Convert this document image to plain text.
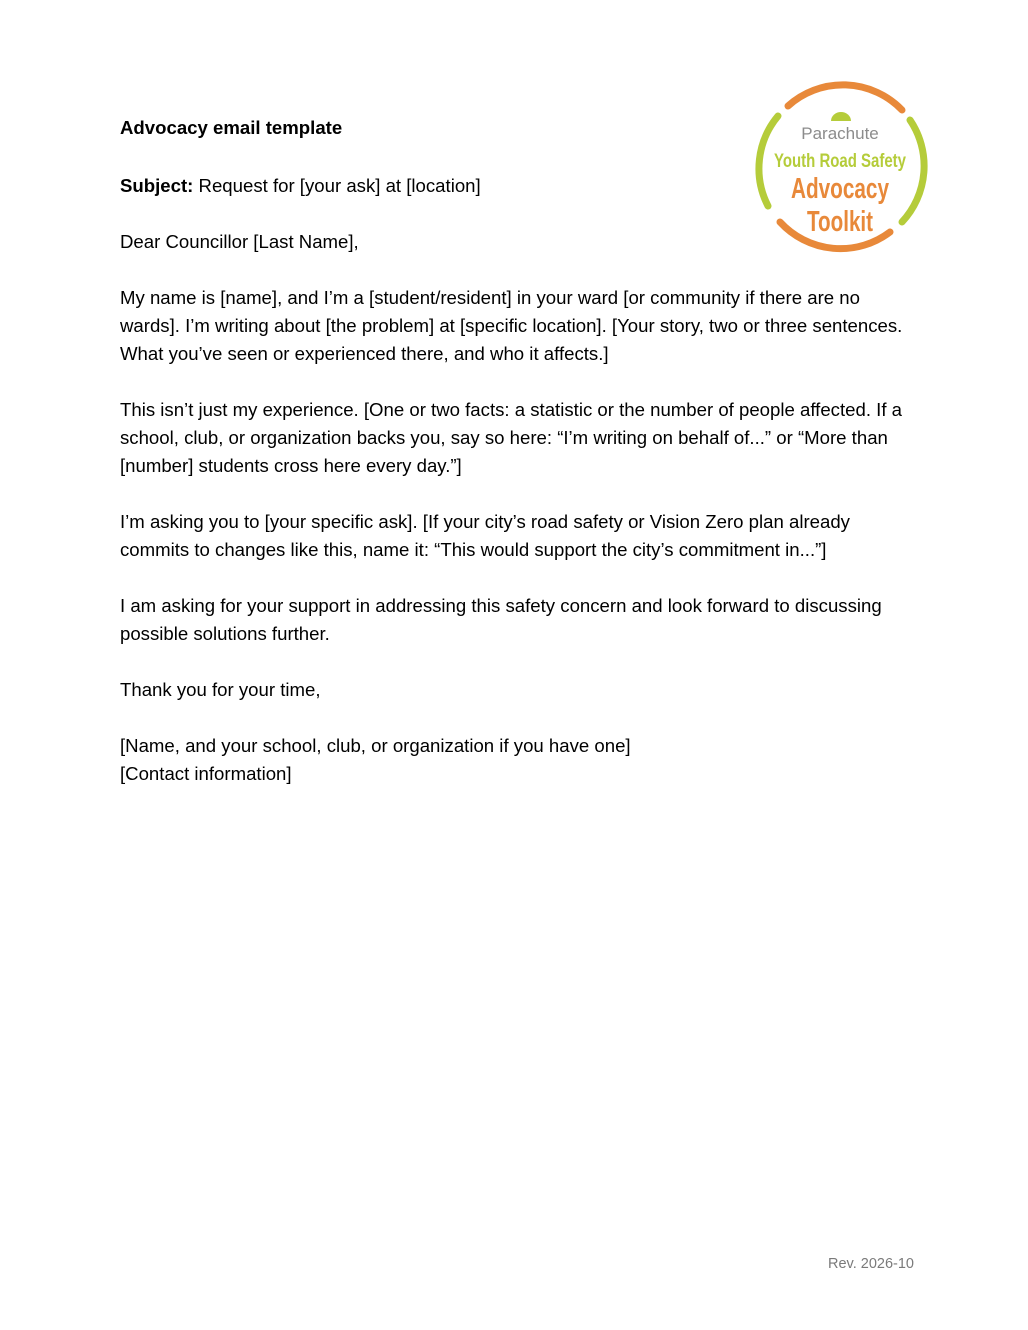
Parachute
Youth Road Safety
Advocacy
Toolkit

Advocacy email template

Subject: Request for [your ask] at [location]

Dear Councillor [Last Name],

My name is [name], and I’m a [student/resident] in your ward [or community if there are no wards]. I’m writing about [the problem] at [specific location]. [Your story, two or three sentences. What you’ve seen or experienced there, and who it affects.]

This isn’t just my experience. [One or two facts: a statistic or the number of people affected. If a school, club, or organization backs you, say so here: “I’m writing on behalf of...” or “More than [number] students cross here every day.”]

I’m asking you to [your specific ask]. [If your city’s road safety or Vision Zero plan already commits to changes like this, name it: “This would support the city’s commitment in...”]

I am asking for your support in addressing this safety concern and look forward to discussing possible solutions further.

Thank you for your time,

[Name, and your school, club, or organization if you have one]
[Contact information]

Rev. 2026-10
